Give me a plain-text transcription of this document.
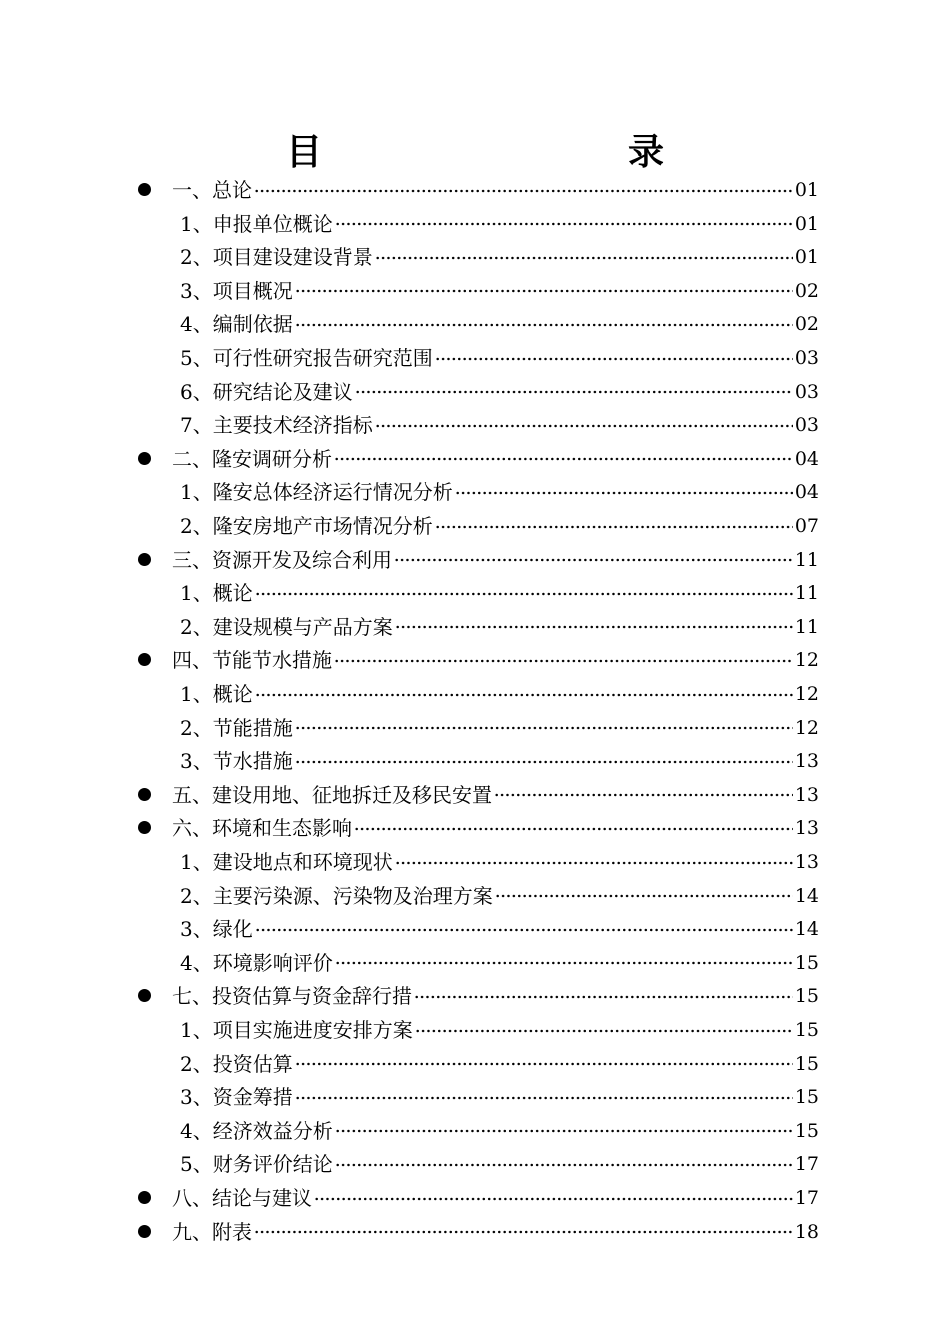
目　　录
一、总论	01
1、申报单位概论	01
2、项目建设建设背景	01
3、项目概况	02
4、编制依据	02
5、可行性研究报告研究范围	03
6、研究结论及建议	03
7、主要技术经济指标	03
二、隆安调研分析	04
1、隆安总体经济运行情况分析	04
2、隆安房地产市场情况分析	07
三、资源开发及综合利用	11
1、概论	11
2、建设规模与产品方案	11
四、节能节水措施	12
1、概论	12
2、节能措施	12
3、节水措施	13
五、建设用地、征地拆迁及移民安置	13
六、环境和生态影响	13
1、建设地点和环境现状	13
2、主要污染源、污染物及治理方案	14
3、绿化	14
4、环境影响评价	15
七、投资估算与资金辞行措	15
1、项目实施进度安排方案	15
2、投资估算	15
3、资金筹措	15
4、经济效益分析	15
5、财务评价结论	17
八、结论与建议	17
九、附表	18
